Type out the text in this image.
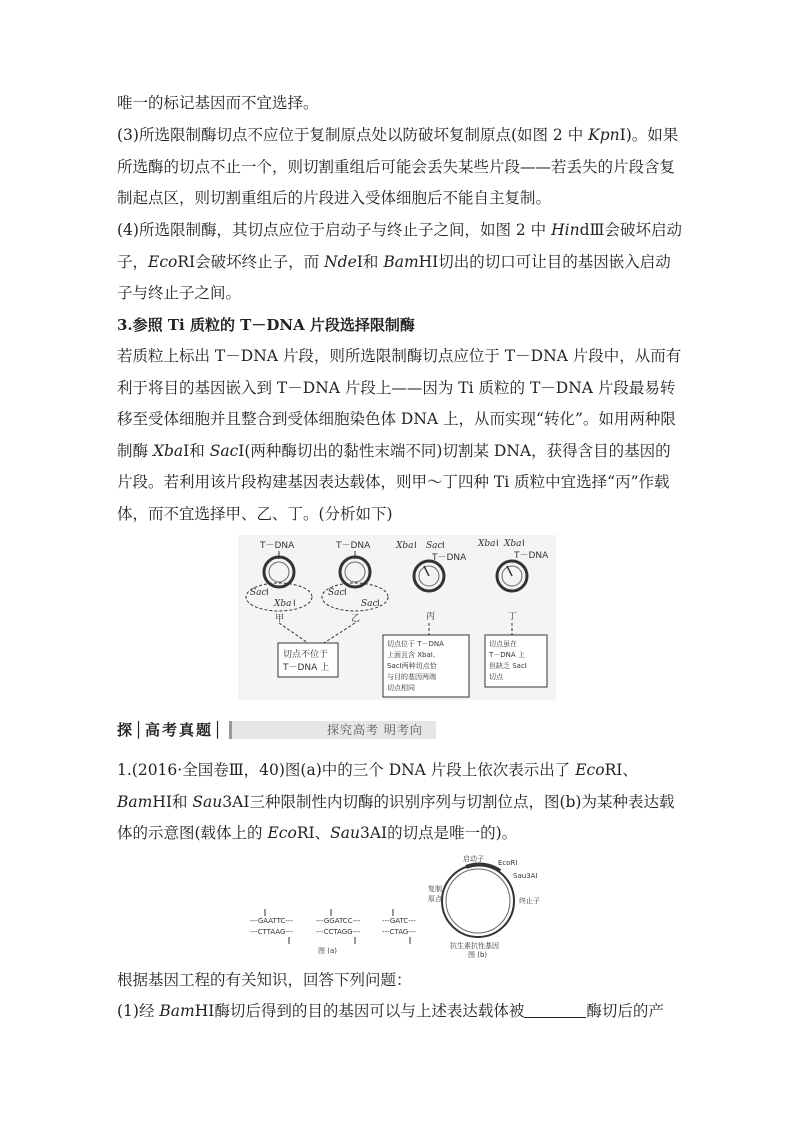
唯一的标记基因而不宜选择。
(3)所选限制酶切点不应位于复制原点处以防破坏复制原点(如图 2 中 KpnⅠ)。如果所选酶的切点不止一个，则切割重组后可能会丢失某些片段——若丢失的片段含复制起点区，则切割重组后的片段进入受体细胞后不能自主复制。
(4)所选限制酶，其切点应位于启动子与终止子之间，如图 2 中 HindⅢ会破坏启动子，EcoRⅠ会破坏终止子，而 NdeⅠ和 BamHⅠ切出的切口可让目的基因嵌入启动子与终止子之间。
3.参照 Ti 质粒的 T－DNA 片段选择限制酶
若质粒上标出 T－DNA 片段，则所选限制酶切点应位于 T－DNA 片段中，从而有利于将目的基因嵌入到 T－DNA 片段上——因为 Ti 质粒的 T－DNA 片段最易转移至受体细胞并且整合到受体细胞染色体 DNA 上，从而实现“转化”。如用两种限制酶 XbaⅠ和 SacⅠ(两种酶切出的黏性末端不同)切割某 DNA，获得含目的基因的片段。若利用该片段构建基因表达载体，则甲～丁四种 Ti 质粒中宜选择“丙”作载体，而不宜选择甲、乙、丁。(分析如下)
T－DNA
Sac Ⅰ
Xba Ⅰ
甲
T－DNA
Sac Ⅰ
Sac Ⅰ
乙
Xba Ⅰ Sac Ⅰ
T－DNA
丙
Xba Ⅰ Xba Ⅰ
T－DNA
丁
切点不位于
T－DNA 上
切点位于 T－DNA
上面且含 XbaⅠ、
SacⅠ两种切点恰
与目的基因两端
切点相同
切点虽在
T－DNA 上
但缺乏 SacⅠ
切点
探│高考真题│	探究高考 明考向
1.(2016·全国卷Ⅲ，40)图(a)中的三个 DNA 片段上依次表示出了 EcoRⅠ、BamHⅠ和 Sau3AⅠ三种限制性内切酶的识别序列与切割位点，图(b)为某种表达载体的示意图(载体上的 EcoRⅠ、Sau3AⅠ的切点是唯一的)。
---GAATTC---
---CTTAAG---
---GGATCC---
---CCTAGG---
---GATC---
---CTAG---
图 (a)
启动子 EcoRⅠ
Sau3AⅠ
终止子
复制
原点
抗生素抗性基因
图 (b)
根据基因工程的有关知识，回答下列问题：
(1)经 BamHⅠ酶切后得到的目的基因可以与上述表达载体被	酶切后的产
